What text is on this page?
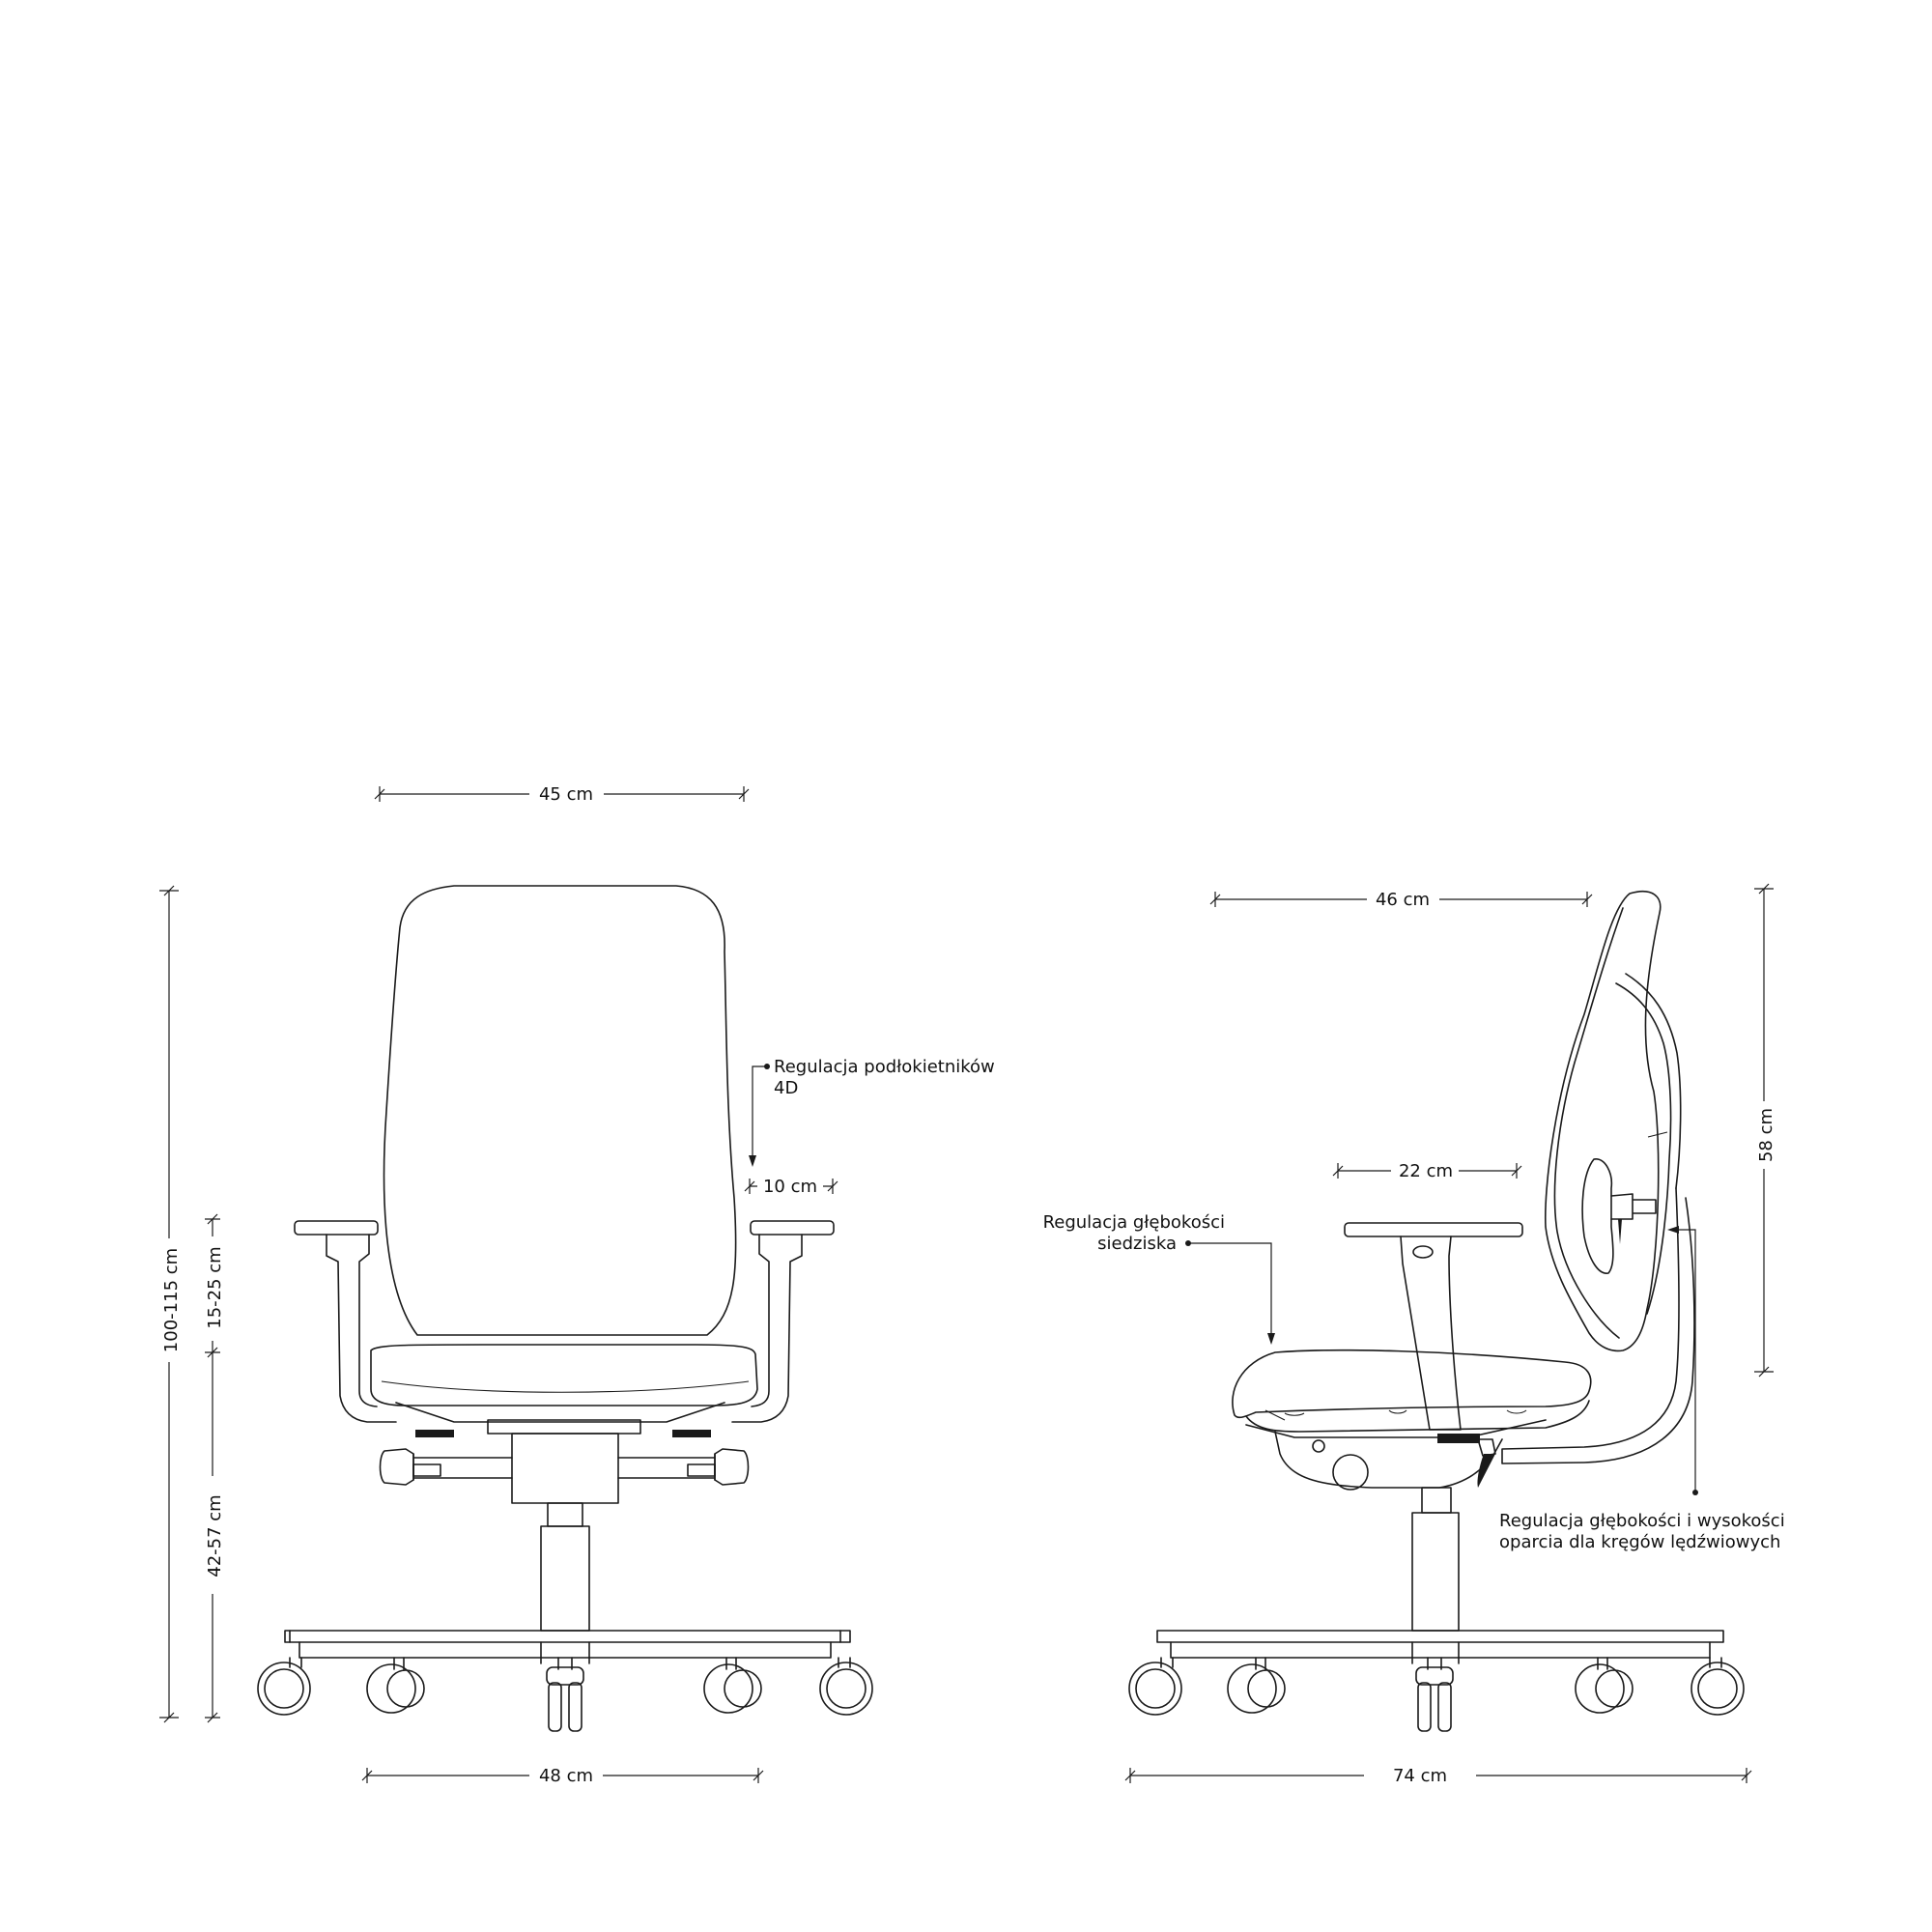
45 cm
100-115 cm 15-25 cm
42-57 cm
48 cm
10 cm
Regulacja podłokietników
4D
46 cm
58 cm
22 cm
74 cm
Regulacja głębokości
siedziska
Regulacja głębokości i wysokości
oparcia dla kręgów lędźwiowych
